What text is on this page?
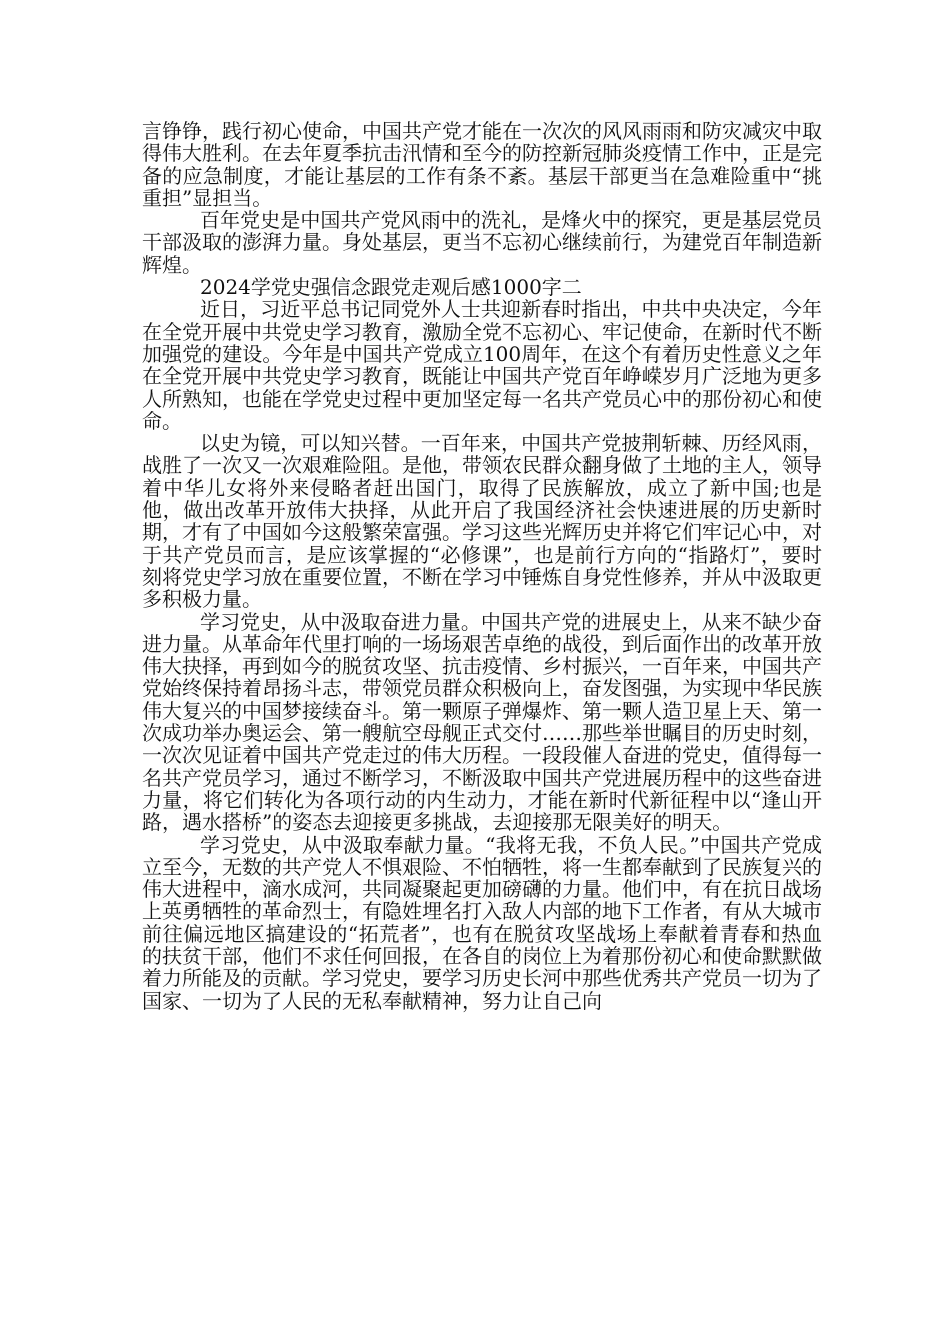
言铮铮，践行初心使命，中国共产党才能在一次次的风风雨雨和防灾减灾中取得伟大胜利。在去年夏季抗击汛情和至今的防控新冠肺炎疫情工作中，正是完备的应急制度，才能让基层的工作有条不紊。基层干部更当在急难险重中“挑重担”显担当。

百年党史是中国共产党风雨中的洗礼，是烽火中的探究，更是基层党员干部汲取的澎湃力量。身处基层，更当不忘初心继续前行，为建党百年制造新辉煌。

2024学党史强信念跟党走观后感1000字二

近日，习近平总书记同党外人士共迎新春时指出，中共中央决定，今年在全党开展中共党史学习教育，激励全党不忘初心、牢记使命，在新时代不断加强党的建设。今年是中国共产党成立100周年，在这个有着历史性意义之年在全党开展中共党史学习教育，既能让中国共产党百年峥嵘岁月广泛地为更多人所熟知，也能在学党史过程中更加坚定每一名共产党员心中的那份初心和使命。

以史为镜，可以知兴替。一百年来，中国共产党披荆斩棘、历经风雨，战胜了一次又一次艰难险阻。是他，带领农民群众翻身做了土地的主人，领导着中华儿女将外来侵略者赶出国门，取得了民族解放，成立了新中国;也是他，做出改革开放伟大抉择，从此开启了我国经济社会快速进展的历史新时期，才有了中国如今这般繁荣富强。学习这些光辉历史并将它们牢记心中，对于共产党员而言，是应该掌握的“必修课”，也是前行方向的“指路灯”，要时刻将党史学习放在重要位置，不断在学习中锤炼自身党性修养，并从中汲取更多积极力量。

学习党史，从中汲取奋进力量。中国共产党的进展史上，从来不缺少奋进力量。从革命年代里打响的一场场艰苦卓绝的战役，到后面作出的改革开放伟大抉择，再到如今的脱贫攻坚、抗击疫情、乡村振兴，一百年来，中国共产党始终保持着昂扬斗志，带领党员群众积极向上，奋发图强，为实现中华民族伟大复兴的中国梦接续奋斗。第一颗原子弹爆炸、第一颗人造卫星上天、第一次成功举办奥运会、第一艘航空母舰正式交付……那些举世瞩目的历史时刻，一次次见证着中国共产党走过的伟大历程。一段段催人奋进的党史，值得每一名共产党员学习，通过不断学习，不断汲取中国共产党进展历程中的这些奋进力量，将它们转化为各项行动的内生动力，才能在新时代新征程中以“逢山开路，遇水搭桥”的姿态去迎接更多挑战，去迎接那无限美好的明天。

学习党史，从中汲取奉献力量。“我将无我，不负人民。”中国共产党成立至今，无数的共产党人不惧艰险、不怕牺牲，将一生都奉献到了民族复兴的伟大进程中，滴水成河，共同凝聚起更加磅礴的力量。他们中，有在抗日战场上英勇牺牲的革命烈士，有隐姓埋名打入敌人内部的地下工作者，有从大城市前往偏远地区搞建设的“拓荒者”，也有在脱贫攻坚战场上奉献着青春和热血的扶贫干部，他们不求任何回报，在各自的岗位上为着那份初心和使命默默做着力所能及的贡献。学习党史，要学习历史长河中那些优秀共产党员一切为了国家、一切为了人民的无私奉献精神，努力让自己向
